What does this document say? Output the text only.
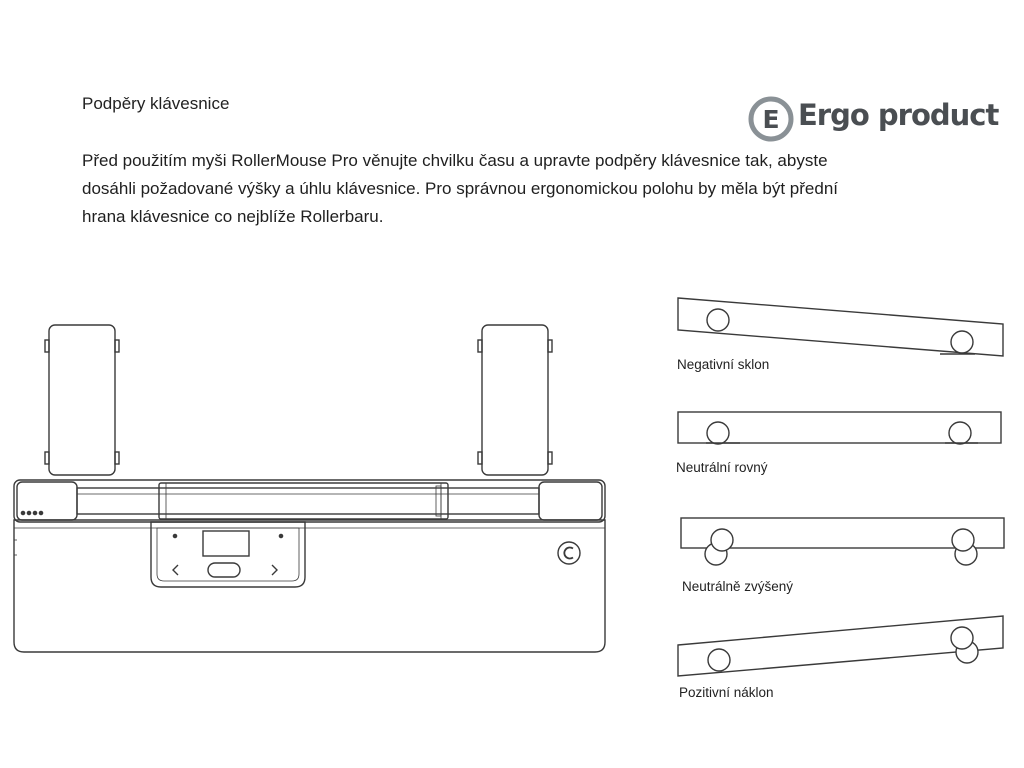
Podpěry klávesnice
Před použitím myši RollerMouse Pro věnujte chvilku času a upravte podpěry klávesnice tak, abyste dosáhli požadované výšky a úhlu klávesnice. Pro správnou ergonomickou polohu by měla být přední hrana klávesnice co nejblíže Rollerbaru.
E Ergo product
Negativní sklon
Neutrální rovný
Neutrálně zvýšený
Pozitivní náklon
